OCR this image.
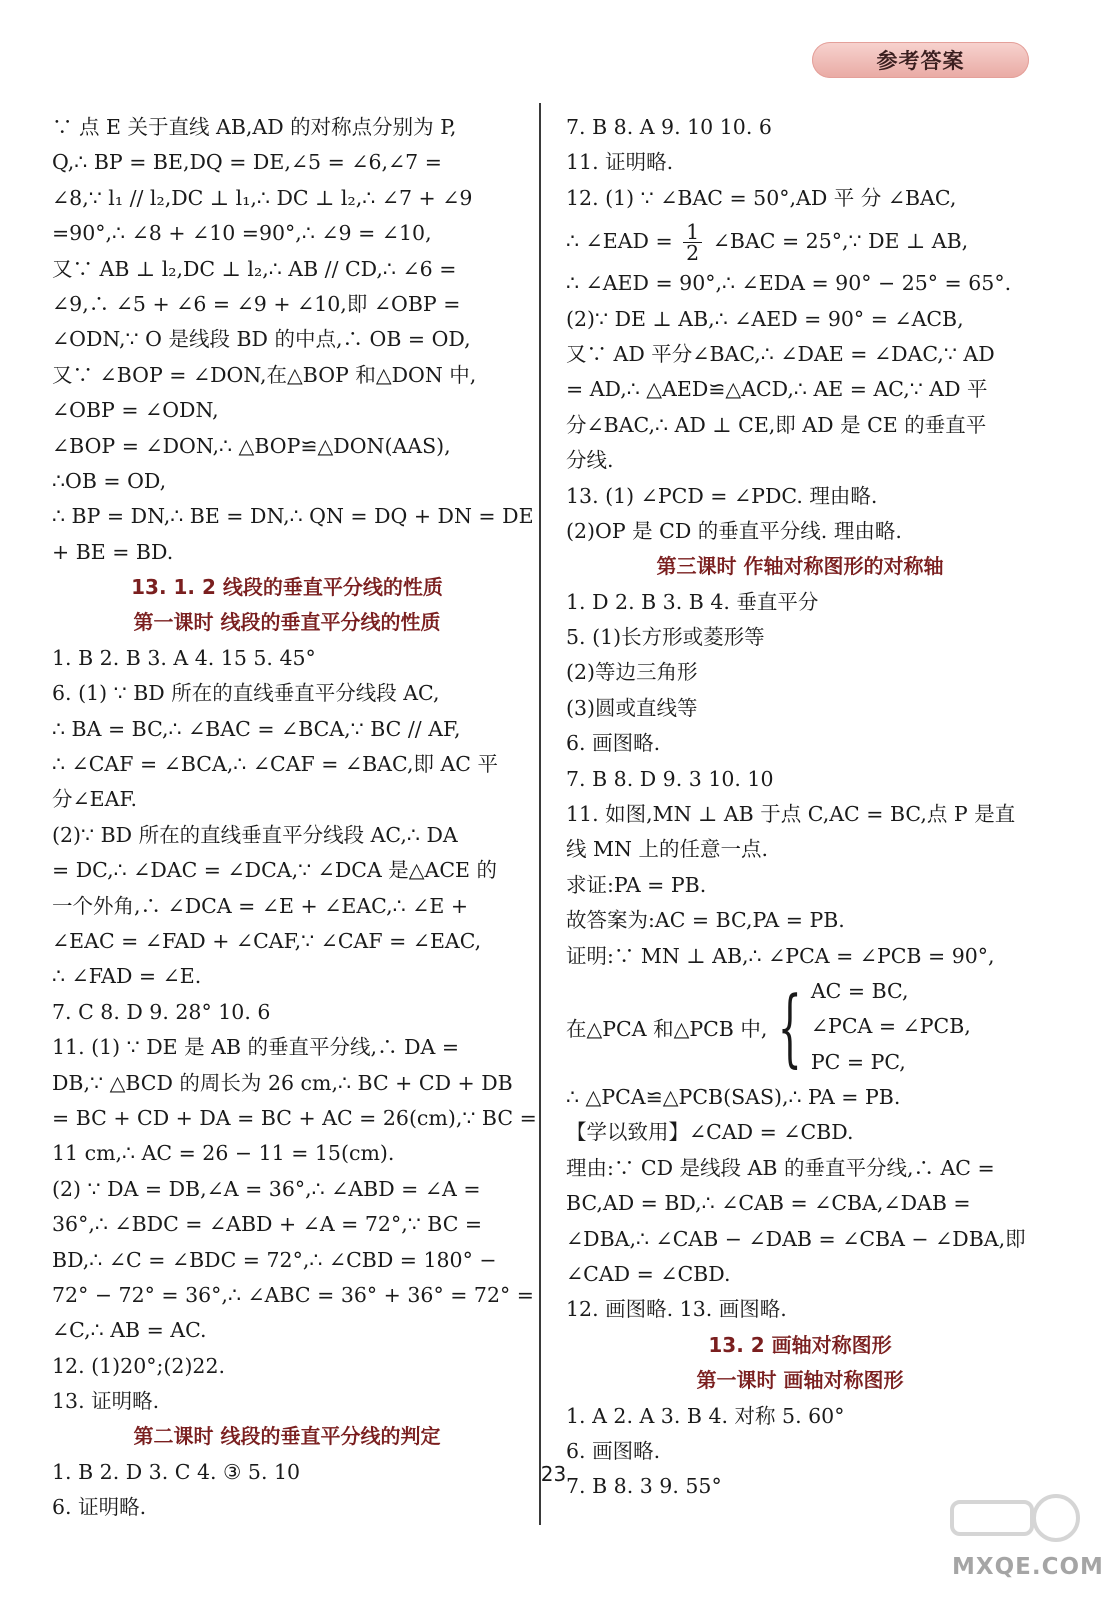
参考答案
∵ 点 E 关于直线 AB,AD 的对称点分别为 P,
Q,∴ BP = BE,DQ = DE,∠5 = ∠6,∠7 =
∠8,∵ l₁ // l₂,DC ⊥ l₁,∴ DC ⊥ l₂,∴ ∠7 + ∠9
=90°,∴ ∠8 + ∠10 =90°,∴ ∠9 = ∠10,
又∵ AB ⊥ l₂,DC ⊥ l₂,∴ AB // CD,∴ ∠6 =
∠9,∴ ∠5 + ∠6 = ∠9 + ∠10,即 ∠OBP =
∠ODN,∵ O 是线段 BD 的中点,∴ OB = OD,
又∵ ∠BOP = ∠DON,在△BOP 和△DON 中,
∠OBP = ∠ODN,
∠BOP = ∠DON,∴ △BOP≌△DON(AAS),
∴OB = OD,
∴ BP = DN,∴ BE = DN,∴ QN = DQ + DN = DE
+ BE = BD.
13. 1. 2 线段的垂直平分线的性质
第一课时 线段的垂直平分线的性质
1. B 2. B 3. A 4. 15 5. 45°
6. (1) ∵ BD 所在的直线垂直平分线段 AC,
∴ BA = BC,∴ ∠BAC = ∠BCA,∵ BC // AF,
∴ ∠CAF = ∠BCA,∴ ∠CAF = ∠BAC,即 AC 平
分∠EAF.
(2)∵ BD 所在的直线垂直平分线段 AC,∴ DA
= DC,∴ ∠DAC = ∠DCA,∵ ∠DCA 是△ACE 的
一个外角,∴ ∠DCA = ∠E + ∠EAC,∴ ∠E +
∠EAC = ∠FAD + ∠CAF,∵ ∠CAF = ∠EAC,
∴ ∠FAD = ∠E.
7. C 8. D 9. 28° 10. 6
11. (1) ∵ DE 是 AB 的垂直平分线,∴ DA =
DB,∵ △BCD 的周长为 26 cm,∴ BC + CD + DB
= BC + CD + DA = BC + AC = 26(cm),∵ BC =
11 cm,∴ AC = 26 − 11 = 15(cm).
(2) ∵ DA = DB,∠A = 36°,∴ ∠ABD = ∠A =
36°,∴ ∠BDC = ∠ABD + ∠A = 72°,∵ BC =
BD,∴ ∠C = ∠BDC = 72°,∴ ∠CBD = 180° −
72° − 72° = 36°,∴ ∠ABC = 36° + 36° = 72° =
∠C,∴ AB = AC.
12. (1)20°;(2)22.
13. 证明略.
第二课时 线段的垂直平分线的判定
1. B 2. D 3. C 4. ③ 5. 10
6. 证明略.
7. B 8. A 9. 10 10. 6
11. 证明略.
12. (1) ∵ ∠BAC = 50°,AD 平 分 ∠BAC,
∴ ∠EAD = $\frac{1}{2}$ ∠BAC = 25°,∵ DE ⊥ AB,
∴ ∠AED = 90°,∴ ∠EDA = 90° − 25° = 65°.
(2)∵ DE ⊥ AB,∴ ∠AED = 90° = ∠ACB,
又∵ AD 平分∠BAC,∴ ∠DAE = ∠DAC,∵ AD
= AD,∴ △AED≌△ACD,∴ AE = AC,∵ AD 平
分∠BAC,∴ AD ⊥ CE,即 AD 是 CE 的垂直平
分线.
13. (1) ∠PCD = ∠PDC. 理由略.
(2)OP 是 CD 的垂直平分线. 理由略.
第三课时 作轴对称图形的对称轴
1. D 2. B 3. B 4. 垂直平分
5. (1)长方形或菱形等
(2)等边三角形
(3)圆或直线等
6. 画图略.
7. B 8. D 9. 3 10. 10
11. 如图,MN ⊥ AB 于点 C,AC = BC,点 P 是直
线 MN 上的任意一点.
求证:PA = PB.
故答案为:AC = BC,PA = PB.
证明:∵ MN ⊥ AB,∴ ∠PCA = ∠PCB = 90°,
在△PCA 和△PCB 中, { AC = BC,
∠PCA = ∠PCB,
PC = PC,
∴ △PCA≌△PCB(SAS),∴ PA = PB.
【学以致用】∠CAD = ∠CBD.
理由:∵ CD 是线段 AB 的垂直平分线,∴ AC =
BC,AD = BD,∴ ∠CAB = ∠CBA,∠DAB =
∠DBA,∴ ∠CAB − ∠DAB = ∠CBA − ∠DBA,即
∠CAD = ∠CBD.
12. 画图略. 13. 画图略.
13. 2 画轴对称图形
第一课时 画轴对称图形
1. A 2. A 3. B 4. 对称 5. 60°
6. 画图略.
7. B 8. 3 9. 55°
23
MXQE.COM
